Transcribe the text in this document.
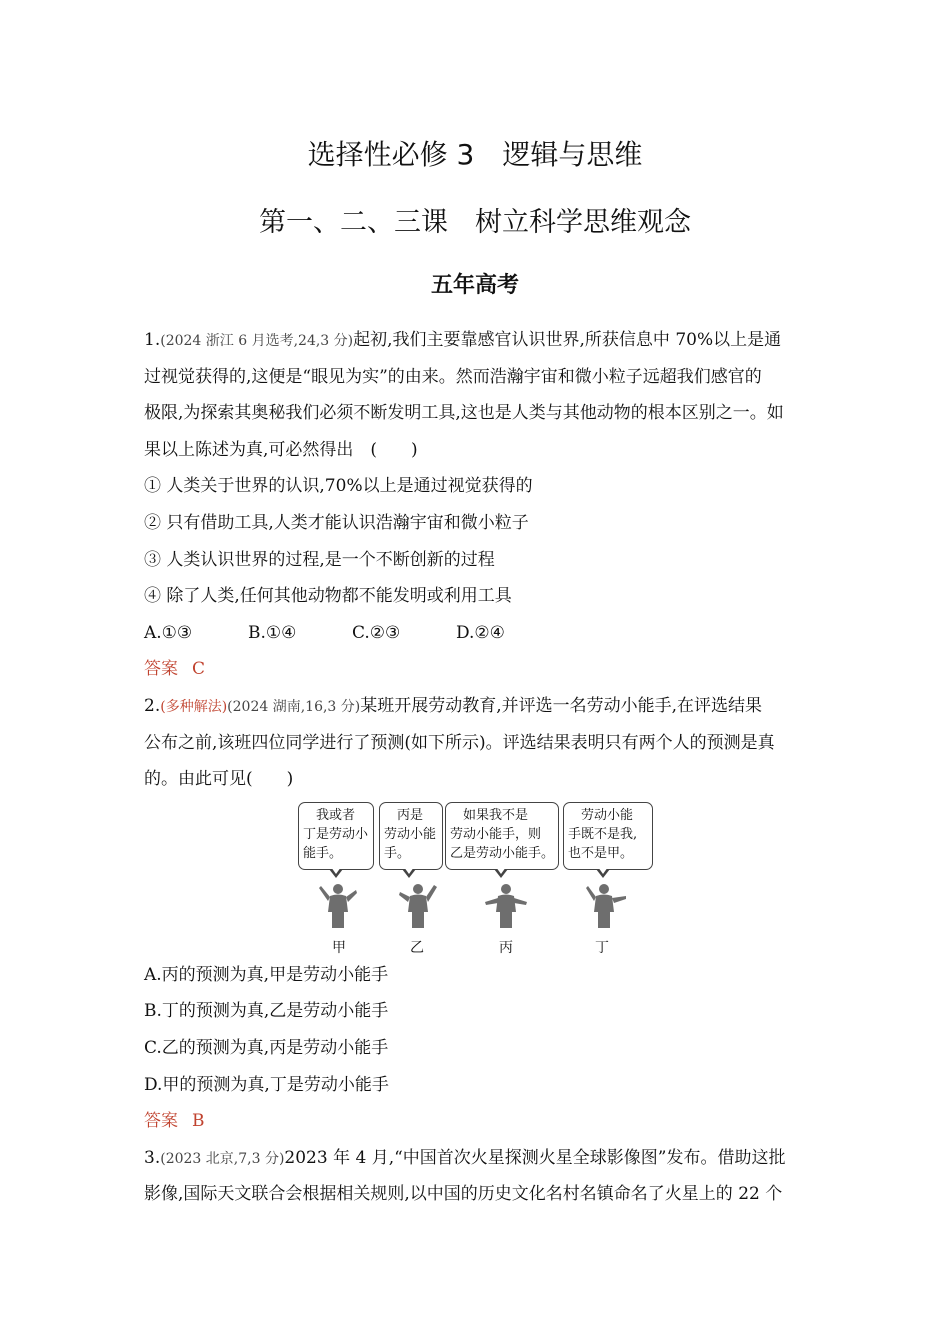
选择性必修 3　逻辑与思维
第一、二、三课　树立科学思维观念
五年高考
1.(2024 浙江 6 月选考,24,3 分)起初,我们主要靠感官认识世界,所获信息中 70%以上是通
过视觉获得的,这便是“眼见为实”的由来。然而浩瀚宇宙和微小粒子远超我们感官的
极限,为探索其奥秘我们必须不断发明工具,这也是人类与其他动物的根本区别之一。如
果以上陈述为真,可必然得出　(　　)
① 人类关于世界的认识,70%以上是通过视觉获得的
② 只有借助工具,人类才能认识浩瀚宇宙和微小粒子
③ 人类认识世界的过程,是一个不断创新的过程
④ 除了人类,任何其他动物都不能发明或利用工具
A.①③	B.①④	C.②③	D.②④
答案 C
2.(多种解法)(2024 湖南,16,3 分)某班开展劳动教育,并评选一名劳动小能手,在评选结果
公布之前,该班四位同学进行了预测(如下所示)。评选结果表明只有两个人的预测是真
的。由此可见(　　)
　我或者
丁是劳动小
能手。
　丙是
劳动小能
手。
　如果我不是
劳动小能手，则
乙是劳动小能手。
　劳动小能
手既不是我,
也不是甲。
甲	乙	丙	丁
A.丙的预测为真,甲是劳动小能手
B.丁的预测为真,乙是劳动小能手
C.乙的预测为真,丙是劳动小能手
D.甲的预测为真,丁是劳动小能手
答案 B
3.(2023 北京,7,3 分)2023 年 4 月,“中国首次火星探测火星全球影像图”发布。借助这批
影像,国际天文联合会根据相关规则,以中国的历史文化名村名镇命名了火星上的 22 个
